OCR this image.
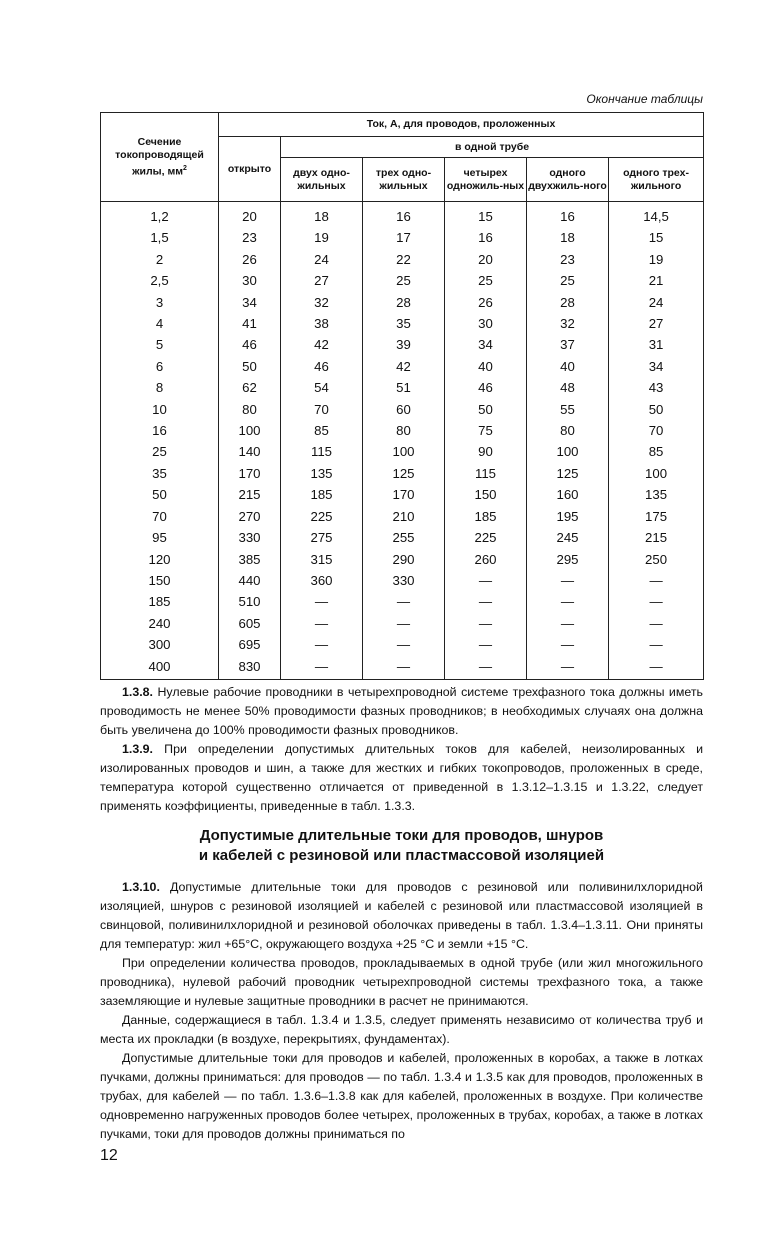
Окончание таблицы
Сечение токопроводящей жилы, $мм^2$	Ток, А, для проводов, проложенных					
	открыто	в одной трубе				
		двух одно-жильных	трех одно-жильных	четырех одножиль-ных	одного двухжиль-ного	одного трех-жильного
1,2	20	18	16	15	16	14,5
1,5	23	19	17	16	18	15
2	26	24	22	20	23	19
2,5	30	27	25	25	25	21
3	34	32	28	26	28	24
4	41	38	35	30	32	27
5	46	42	39	34	37	31
6	50	46	42	40	40	34
8	62	54	51	46	48	43
10	80	70	60	50	55	50
16	100	85	80	75	80	70
25	140	115	100	90	100	85
35	170	135	125	115	125	100
50	215	185	170	150	160	135
70	270	225	210	185	195	175
95	330	275	255	225	245	215
120	385	315	290	260	295	250
150	440	360	330	—	—	—
185	510	—	—	—	—	—
240	605	—	—	—	—	—
300	695	—	—	—	—	—
400	830	—	—	—	—	—

1.3.8. Нулевые рабочие проводники в четырехпроводной системе трехфазного тока должны иметь проводимость не менее 50% проводимости фазных проводников; в необходимых случаях она должна быть увеличена до 100% проводимости фазных проводников.

1.3.9. При определении допустимых длительных токов для кабелей, неизолированных и изолированных проводов и шин, а также для жестких и гибких токопроводов, проложенных в среде, температура которой существенно отличается от приведенной в 1.3.12–1.3.15 и 1.3.22, следует применять коэффициенты, приведенные в табл. 1.3.3.

Допустимые длительные токи для проводов, шнуров
и кабелей с резиновой или пластмассовой изоляцией

1.3.10. Допустимые длительные токи для проводов с резиновой или поливинилхлоридной изоляцией, шнуров с резиновой изоляцией и кабелей с резиновой или пластмассовой изоляцией в свинцовой, поливинилхлоридной и резиновой оболочках приведены в табл. 1.3.4–1.3.11. Они приняты для температур: жил +65°С, окружающего воздуха +25 °С и земли +15 °С.

При определении количества проводов, прокладываемых в одной трубе (или жил многожильного проводника), нулевой рабочий проводник четырехпроводной системы трехфазного тока, а также заземляющие и нулевые защитные проводники в расчет не принимаются.

Данные, содержащиеся в табл. 1.3.4 и 1.3.5, следует применять независимо от количества труб и места их прокладки (в воздухе, перекрытиях, фундаментах).

Допустимые длительные токи для проводов и кабелей, проложенных в коробах, а также в лотках пучками, должны приниматься: для проводов — по табл. 1.3.4 и 1.3.5 как для проводов, проложенных в трубах, для кабелей — по табл. 1.3.6–1.3.8 как для кабелей, проложенных в воздухе. При количестве одновременно нагруженных проводов более четырех, проложенных в трубах, коробах, а также в лотках пучками, токи для проводов должны приниматься по

12
